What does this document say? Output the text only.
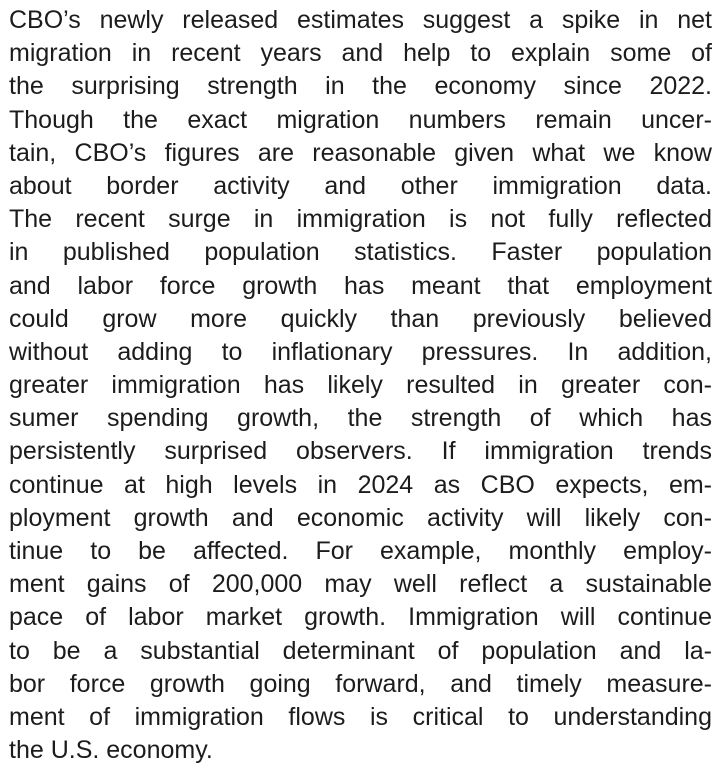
CBO’s newly released estimates suggest a spike in net
migration in recent years and help to explain some of
the surprising strength in the economy since 2022.
Though the exact migration numbers remain uncer-
tain, CBO’s figures are reasonable given what we know
about border activity and other immigration data.
The recent surge in immigration is not fully reflected
in published population statistics. Faster population
and labor force growth has meant that employment
could grow more quickly than previously believed
without adding to inflationary pressures. In addition,
greater immigration has likely resulted in greater con-
sumer spending growth, the strength of which has
persistently surprised observers. If immigration trends
continue at high levels in 2024 as CBO expects, em-
ployment growth and economic activity will likely con-
tinue to be affected. For example, monthly employ-
ment gains of 200,000 may well reflect a sustainable
pace of labor market growth. Immigration will continue
to be a substantial determinant of population and la-
bor force growth going forward, and timely measure-
ment of immigration flows is critical to understanding
the U.S. economy.
